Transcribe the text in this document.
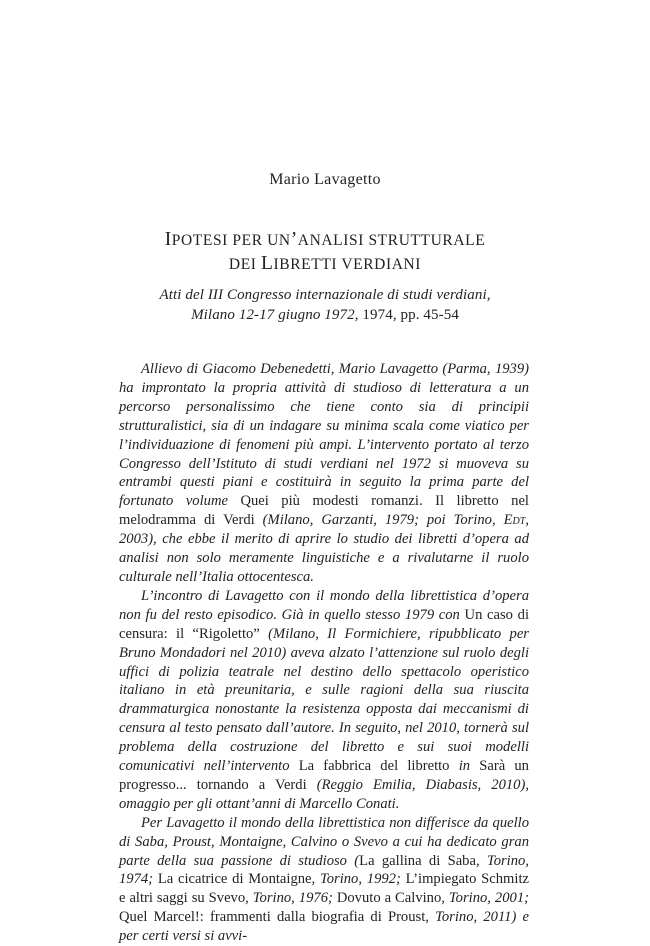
Mario Lavagetto
IPOTESI PER UN’ANALISI STRUTTURALE
DEI LIBRETTI VERDIANI
Atti del III Congresso internazionale di studi verdiani,
Milano 12-17 giugno 1972, 1974, pp. 45-54

Allievo di Giacomo Debenedetti, Mario Lavagetto (Parma, 1939) ha improntato la propria attività di studioso di letteratura a un percorso personalissimo che tiene conto sia di principii strutturalistici, sia di un indagare su minima scala come viatico per l’individuazione di fenomeni più ampi. L’intervento portato al terzo Congresso dell’Istituto di studi verdiani nel 1972 si muoveva su entrambi questi piani e costituirà in seguito la prima parte del fortunato volume Quei più modesti romanzi. Il libretto nel melodramma di Verdi (Milano, Garzanti, 1979; poi Torino, Edt, 2003), che ebbe il merito di aprire lo studio dei libretti d’opera ad analisi non solo meramente linguistiche e a rivalutarne il ruolo culturale nell’Italia ottocentesca.

L’incontro di Lavagetto con il mondo della librettistica d’opera non fu del resto episodico. Già in quello stesso 1979 con Un caso di censura: il “Rigoletto” (Milano, Il Formichiere, ripubblicato per Bruno Mondadori nel 2010) aveva alzato l’attenzione sul ruolo degli uffici di polizia teatrale nel destino dello spettacolo operistico italiano in età preunitaria, e sulle ragioni della sua riuscita drammaturgica nonostante la resistenza opposta dai meccanismi di censura al testo pensato dall’autore. In seguito, nel 2010, tornerà sul problema della costruzione del libretto e sui suoi modelli comunicativi nell’intervento La fabbrica del libretto in Sarà un progresso... tornando a Verdi (Reggio Emilia, Diabasis, 2010), omaggio per gli ottant’anni di Marcello Conati.

Per Lavagetto il mondo della librettistica non differisce da quello di Saba, Proust, Montaigne, Calvino o Svevo a cui ha dedicato gran parte della sua passione di studioso (La gallina di Saba, Torino, 1974; La cicatrice di Montaigne, Torino, 1992; L’impiegato Schmitz e altri saggi su Svevo, Torino, 1976; Dovuto a Calvino, Torino, 2001; Quel Marcel!: frammenti dalla biografia di Proust, Torino, 2011) e per certi versi si avvi-
